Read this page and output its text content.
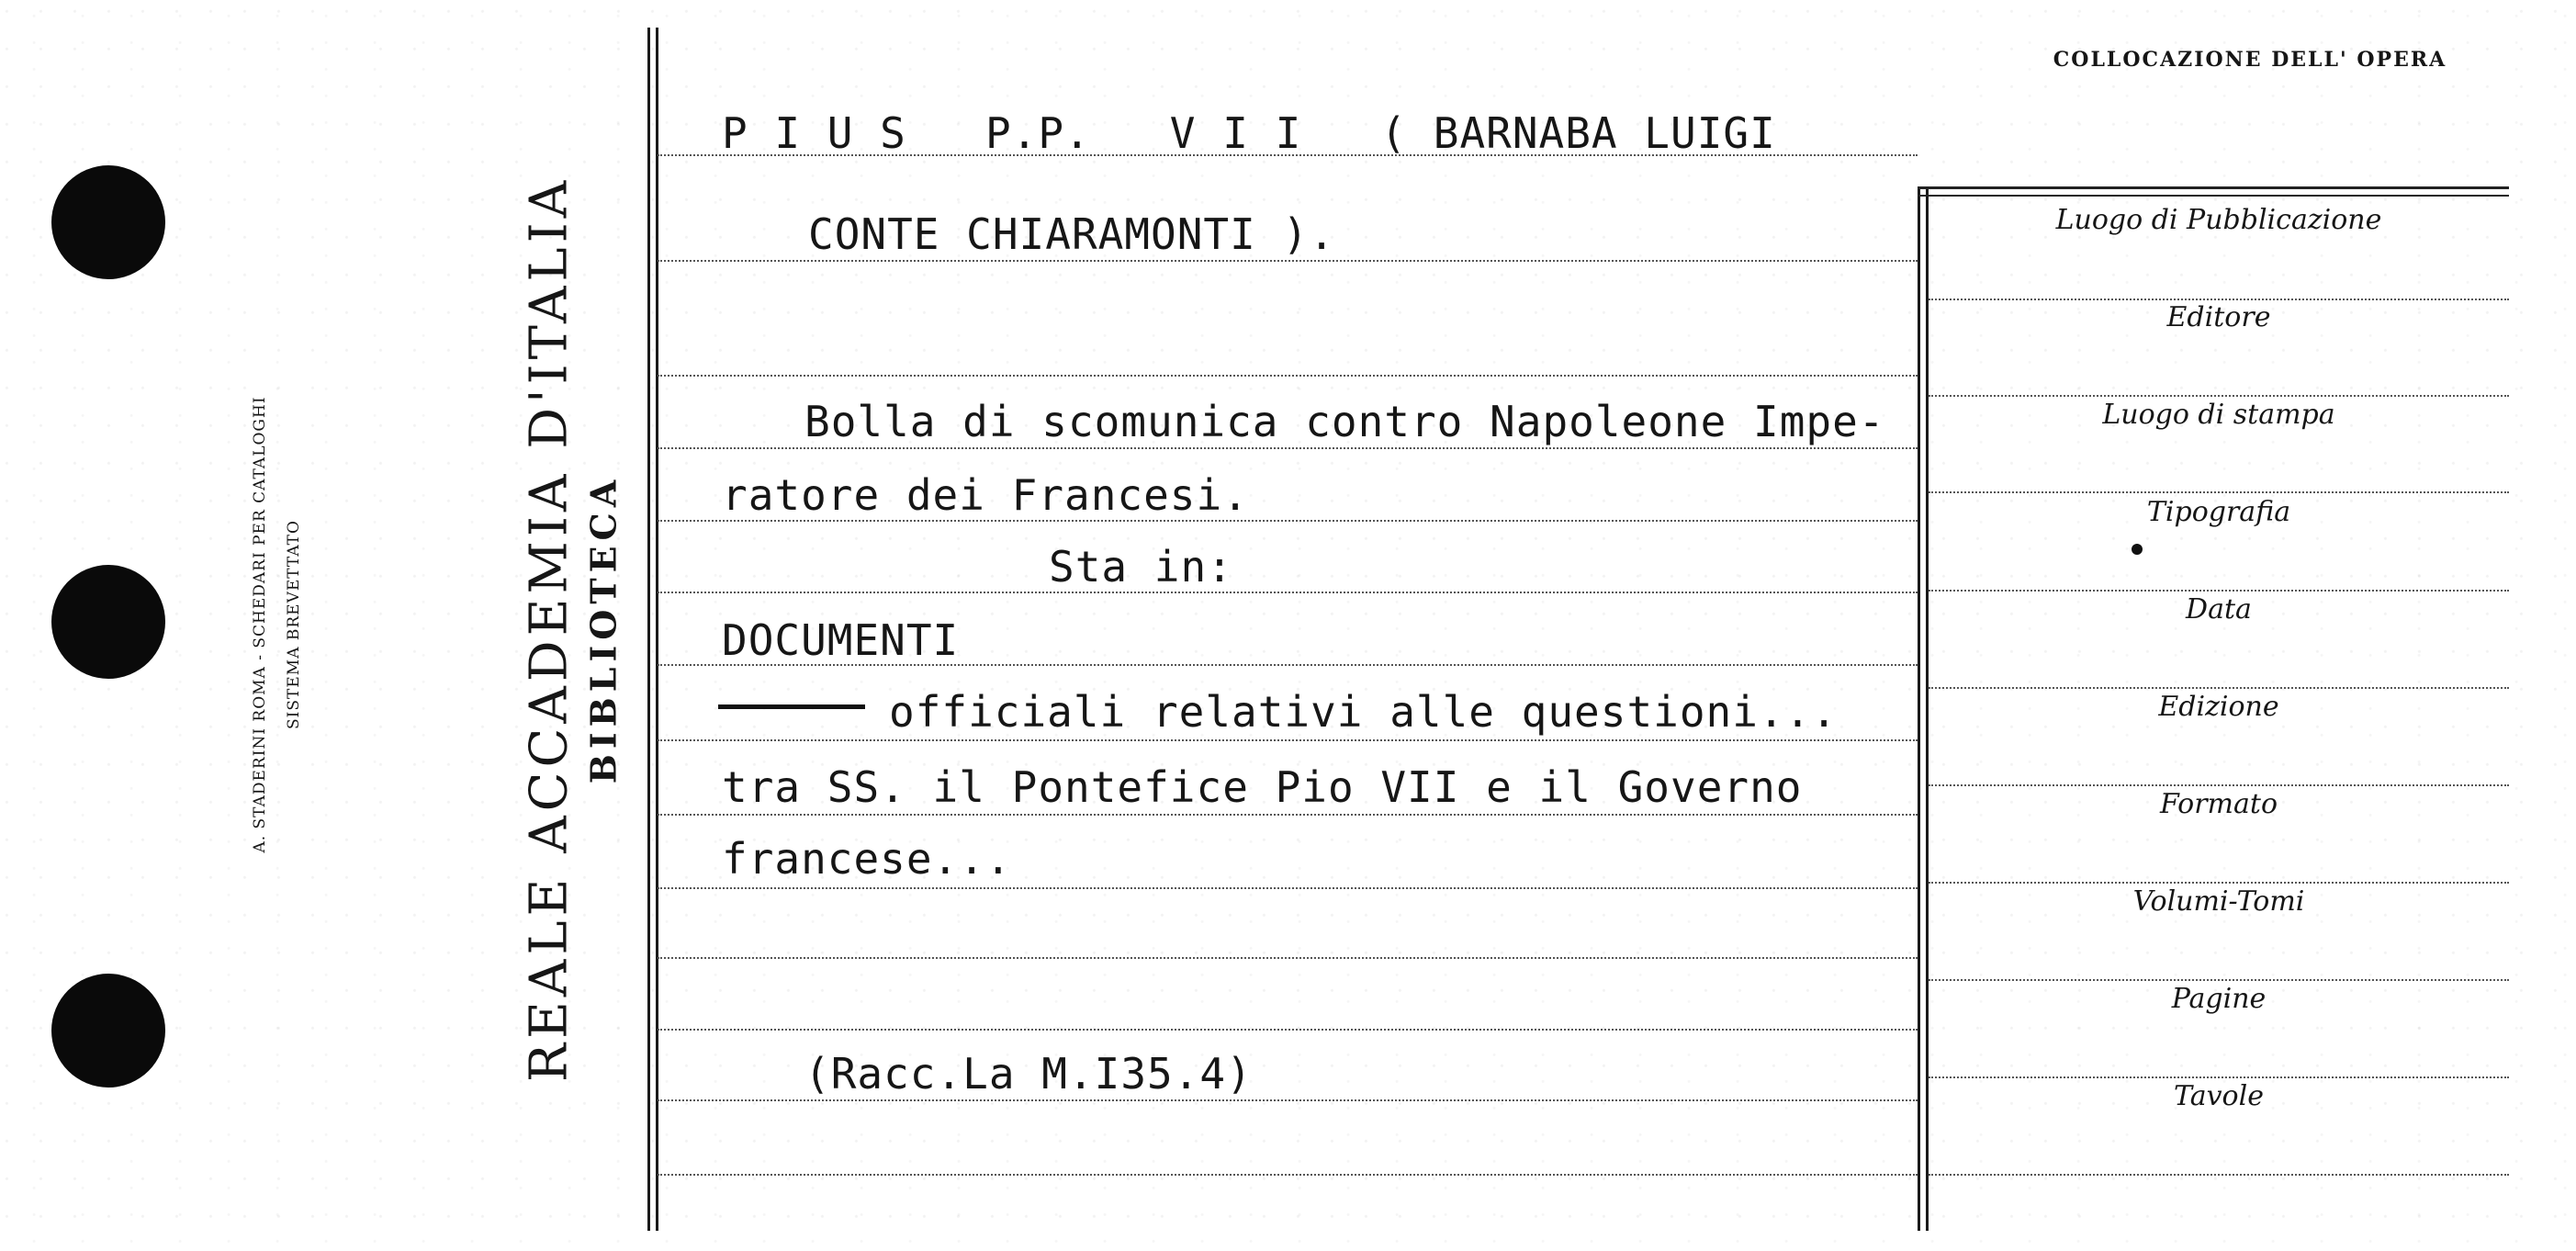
A. STADERINI ROMA - SCHEDARI PER CATALOGHI SISTEMA BREVETTATO	REALE ACCADEMIA D'ITALIA BIBLIOTECA
COLLOCAZIONE DELL' OPERA
Luogo di Pubblicazione
Editore
Luogo di stampa
Tipografia
Data
Edizione
Formato
Volumi-Tomi
Pagine
Tavole
P I U S   P.P.   V I I   ( BARNABA LUIGI
CONTE CHIARAMONTI ).
Bolla di scomunica contro Napoleone Impe-
ratore dei Francesi.
Sta in:
DOCUMENTI
officiali relativi alle questioni...
tra SS. il Pontefice Pio VII e il Governo
francese...
(Racc.La M.I35.4)
